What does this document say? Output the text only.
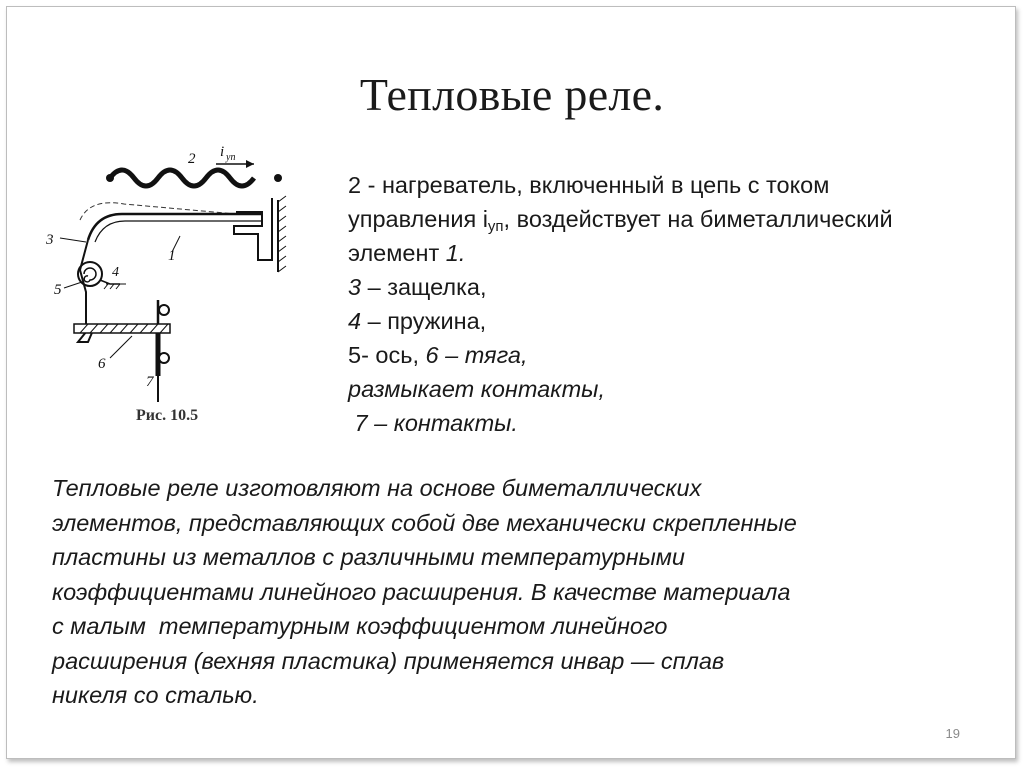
Тепловые реле.
i уп
2
1
3
4
5
6
7
Рис. 10.5
2 - нагреватель, включенный в цепь с током
управления $i_{уп}$, воздействует на биметаллический
элемент 1.
3 – защелка,
4 – пружина,
5- ось, 6 – тяга,
размыкает контакты,
7 – контакты.
Тепловые реле изготовляют на основе биметаллических
элементов, представляющих собой две механически скрепленные
пластины из металлов с различными температурными
коэффициентами линейного расширения. В качестве материала
с малым  температурным коэффициентом линейного
расширения (вехняя пластика) применяется инвар — сплав
никеля со сталью.
19
